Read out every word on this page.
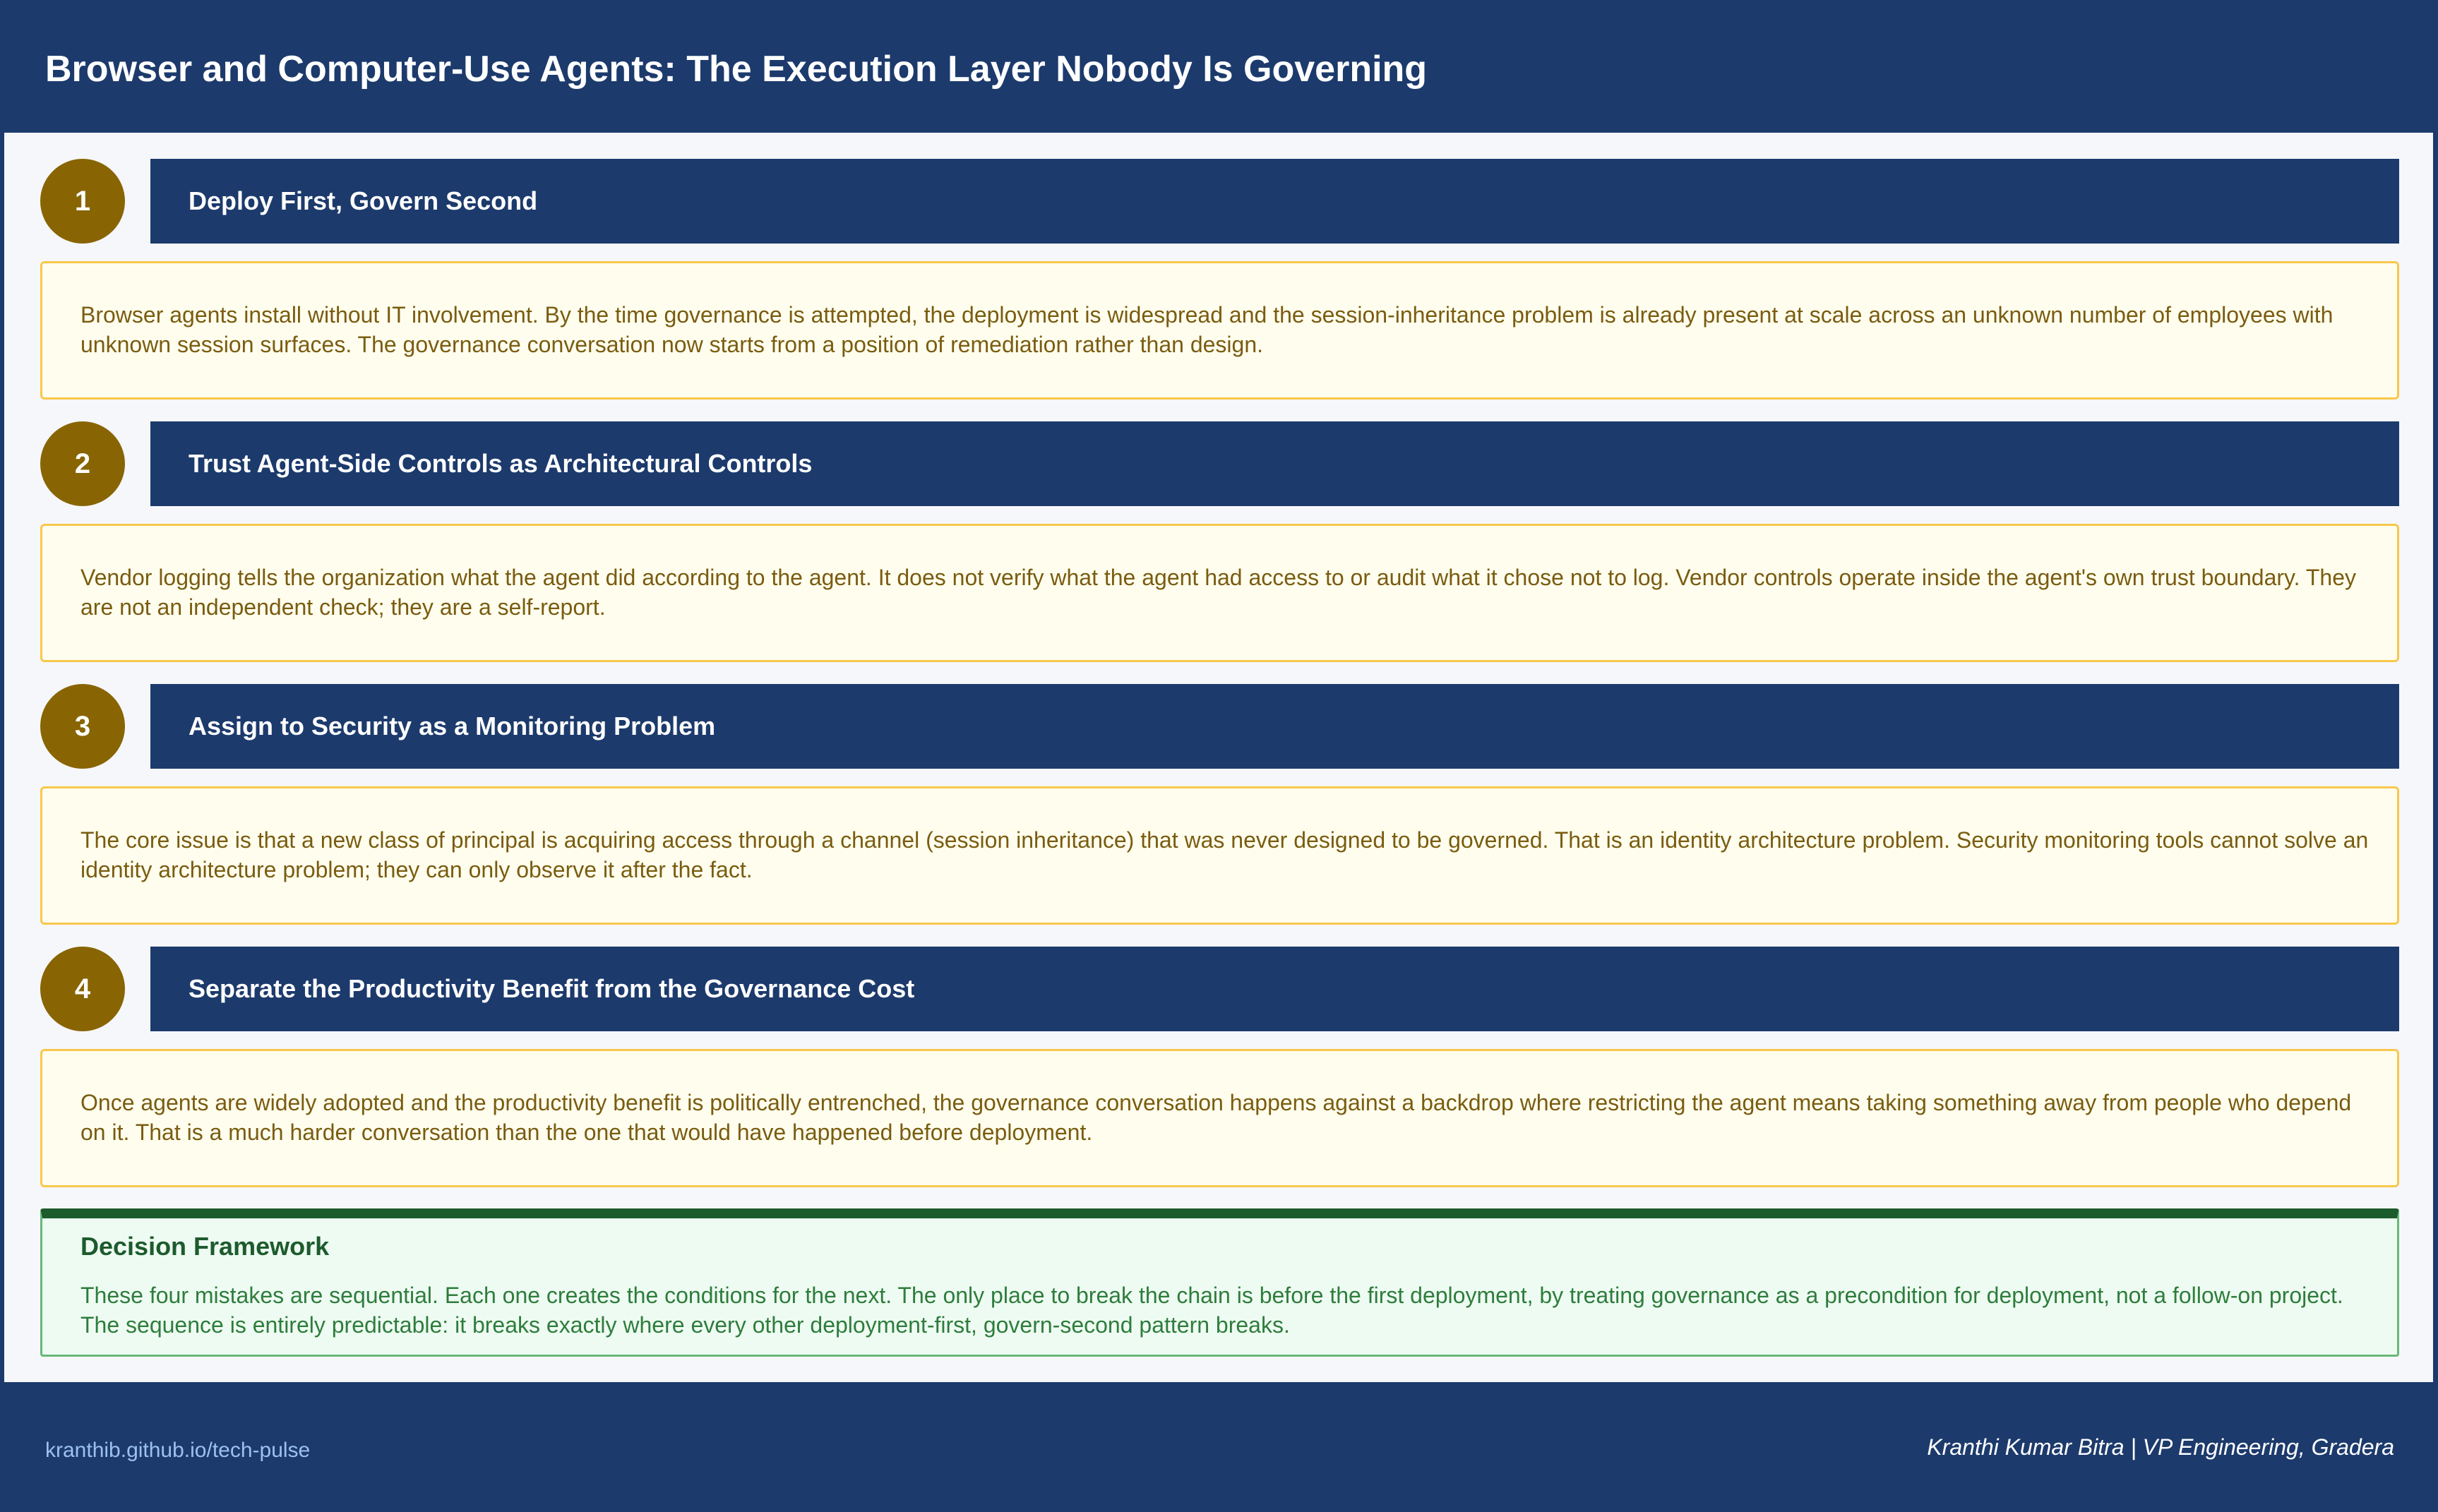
Browser and Computer-Use Agents: The Execution Layer Nobody Is Governing
1	Deploy First, Govern Second
Browser agents install without IT involvement. By the time governance is attempted, the deployment is widespread and the session-inheritance problem is already present at scale across an unknown number of employees with unknown session surfaces. The governance conversation now starts from a position of remediation rather than design.
2	Trust Agent-Side Controls as Architectural Controls
Vendor logging tells the organization what the agent did according to the agent. It does not verify what the agent had access to or audit what it chose not to log. Vendor controls operate inside the agent's own trust boundary. They are not an independent check; they are a self-report.
3	Assign to Security as a Monitoring Problem
The core issue is that a new class of principal is acquiring access through a channel (session inheritance) that was never designed to be governed. That is an identity architecture problem. Security monitoring tools cannot solve an identity architecture problem; they can only observe it after the fact.
4	Separate the Productivity Benefit from the Governance Cost
Once agents are widely adopted and the productivity benefit is politically entrenched, the governance conversation happens against a backdrop where restricting the agent means taking something away from people who depend on it. That is a much harder conversation than the one that would have happened before deployment.
Decision Framework

These four mistakes are sequential. Each one creates the conditions for the next. The only place to break the chain is before the first deployment, by treating governance as a precondition for deployment, not a follow-on project. The sequence is entirely predictable: it breaks exactly where every other deployment-first, govern-second pattern breaks.

kranthib.github.io/tech-pulse	Kranthi Kumar Bitra | VP Engineering, Gradera
